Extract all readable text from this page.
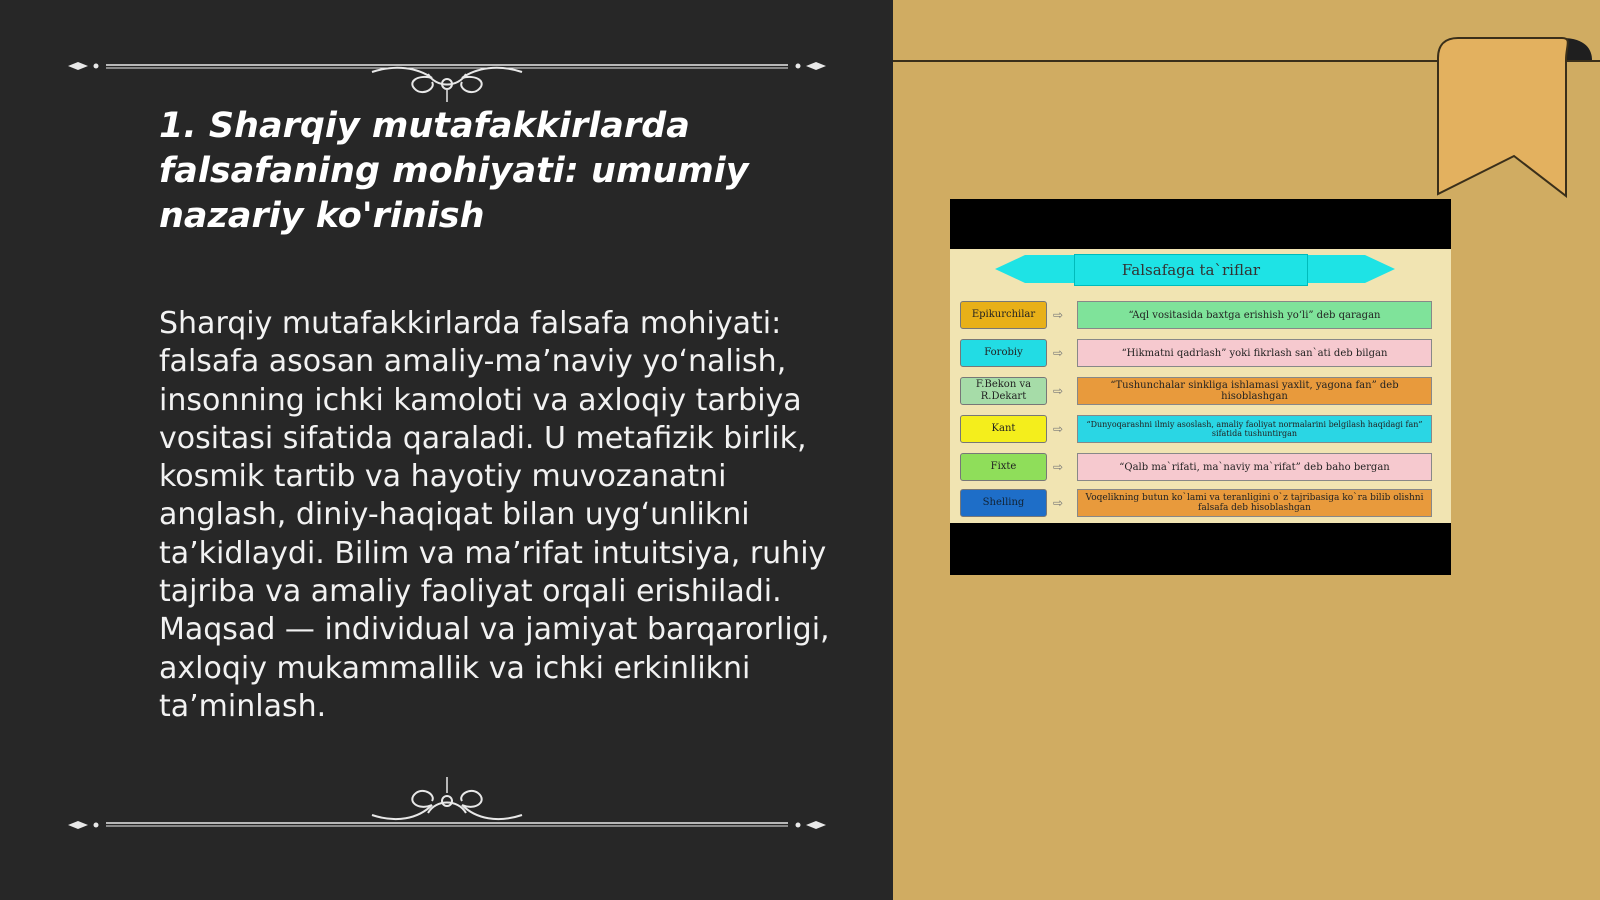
1. Sharqiy mutafakkirlarda falsafaning mohiyati: umumiy nazariy ko'rinish

Sharqiy mutafakkirlarda falsafa mohiyati: falsafa asosan amaliy-ma’naviy yo‘nalish, insonning ichki kamoloti va axloqiy tarbiya vositasi sifatida qaraladi. U metafizik birlik, kosmik tartib va hayotiy muvozanatni anglash, diniy-haqiqat bilan uyg‘unlikni ta’kidlaydi. Bilim va ma’rifat intuitsiya, ruhiy tajriba va amaliy faoliyat orqali erishiladi. Maqsad — individual va jamiyat barqarorligi, axloqiy mukammallik va ichki erkinlikni ta’minlash.

Falsafaga ta`riflar
Epikurchilar	⇨	“Aql vositasida baxtga erishish yo‘li” deb qaragan
Forobiy	⇨	“Hikmatni qadrlash” yoki fikrlash san`ati deb bilgan
F.Bekon va R.Dekart	⇨	“Tushunchalar sinkliga ishlamasi yaxlit, yagona fan” deb hisoblashgan
Kant	⇨	“Dunyoqarashni ilmiy asoslash, amaliy faoliyat normalarini belgilash haqidagi fan” sifatida tushuntirgan
Fixte	⇨	“Qalb ma`rifati, ma`naviy ma`rifat” deb baho bergan
Shelling	⇨	Voqelikning butun ko`lami va teranligini o`z tajribasiga ko`ra bilib olishni falsafa deb hisoblashgan
